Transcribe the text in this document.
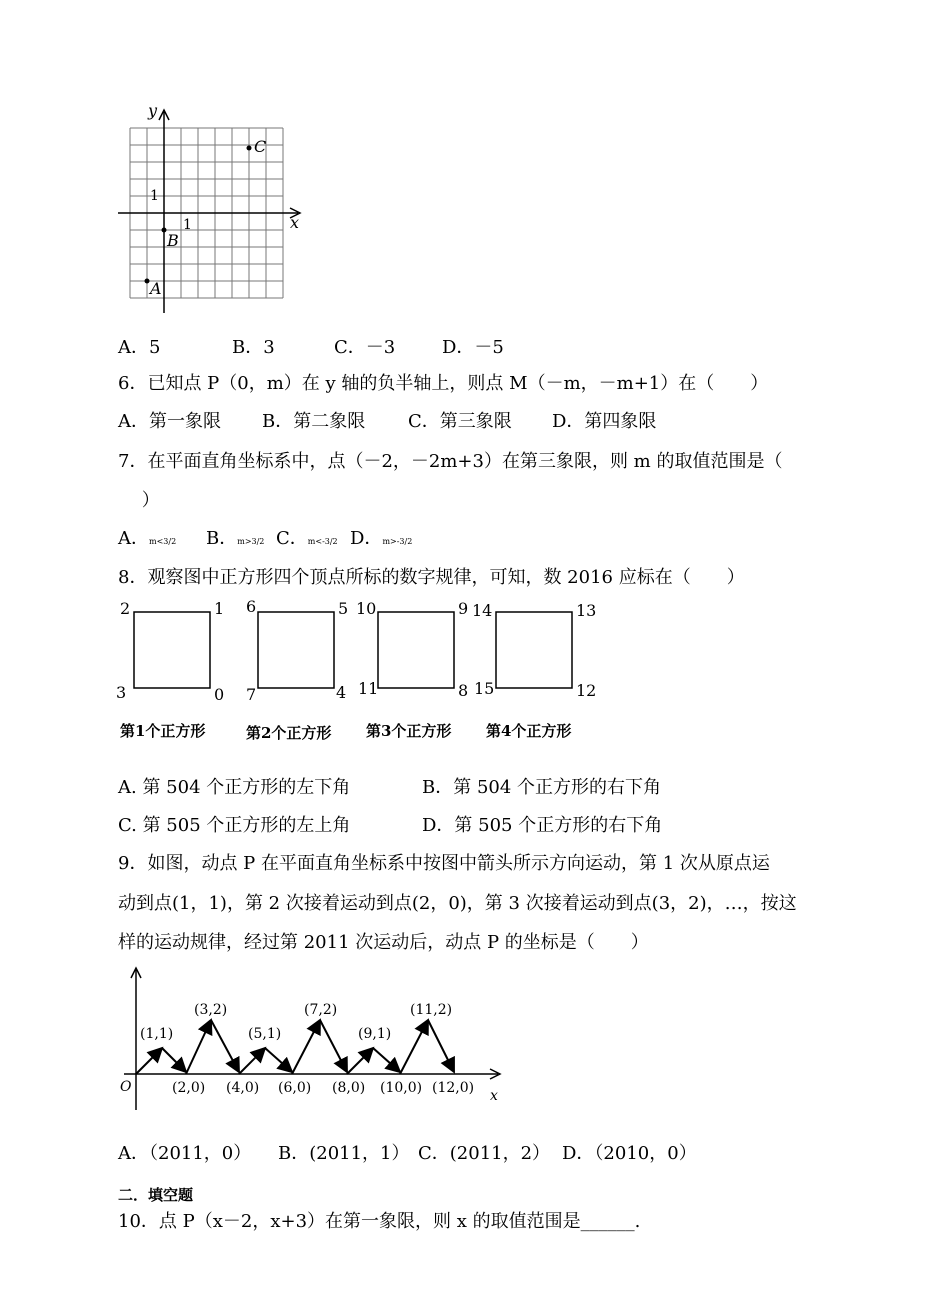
y
x
1
1
C
B
A
A．5	B．3	C．－3	D．－5
6．已知点 P（0，m）在 y 轴的负半轴上，则点 M（－m，－m+1）在（　　）
A．第一象限 B．第二象限 C．第三象限 D．第四象限
7．在平面直角坐标系中，点（－2，－2m+3）在第三象限，则 m 的取值范围是（
　 ）
A．m<3/2 B．m>3/2 C．m<-3/2 D．m>-3/2
8．观察图中正方形四个顶点所标的数字规律，可知，数 2016 应标在（　　）
2	1
3	0
6	5
7	4
10	9
11	8
14	13
15	12
第1个正方形	第2个正方形 第3个正方形 第4个正方形
A. 第 504 个正方形的左下角	B．第 504 个正方形的右下角
C. 第 505 个正方形的左上角	D．第 505 个正方形的右下角
9．如图，动点 P 在平面直角坐标系中按图中箭头所示方向运动，第 1 次从原点运
动到点(1，1)，第 2 次接着运动到点(2，0)，第 3 次接着运动到点(3，2)，…，按这
样的运动规律，经过第 2011 次运动后，动点 P 的坐标是（　　）
O
x
(1,1)
(3,2)
(5,1)
(7,2)
(9,1)
(11,2)
(2,0) (4,0) (6,0) (8,0) (10,0) (12,0)
A．（2011，0） B．(2011，1） C．(2011，2） D．（2010，0）
二．填空题
10．点 P（x－2，x+3）在第一象限，则 x 的取值范围是______.
